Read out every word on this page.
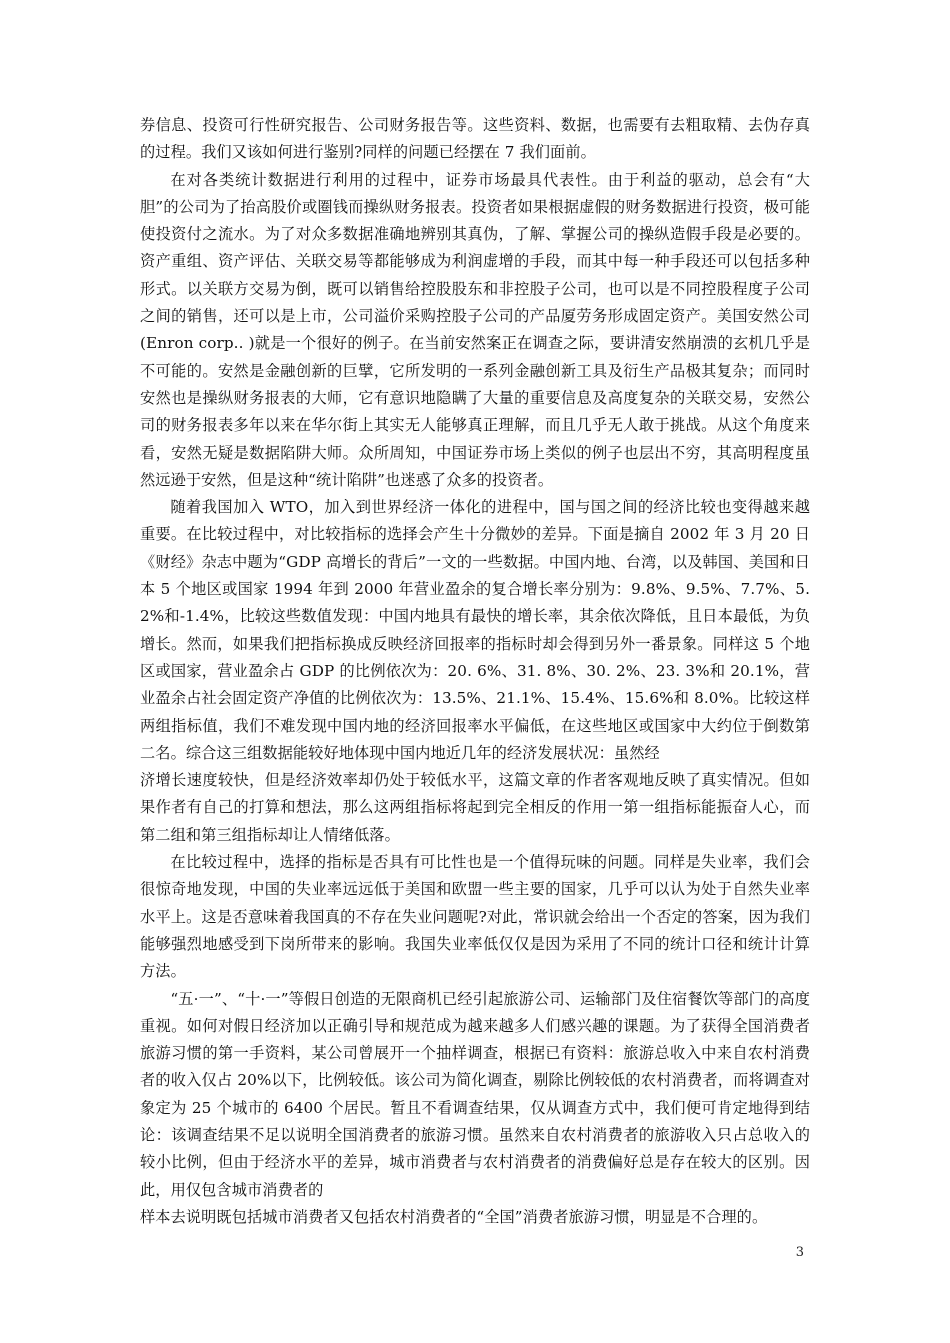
券信息、投资可行性研究报告、公司财务报告等。这些资料、数据，也需要有去粗取精、去伪存真的过程。我们又该如何进行鉴别?同样的问题已经摆在 7 我们面前。

在对各类统计数据进行利用的过程中，证券市场最具代表性。由于利益的驱动，总会有“大胆”的公司为了抬高股价或圈钱而操纵财务报表。投资者如果根据虚假的财务数据进行投资，极可能使投资付之流水。为了对众多数据准确地辨别其真伪，了解、掌握公司的操纵造假手段是必要的。资产重组、资产评估、关联交易等都能够成为利润虚增的手段，而其中每一种手段还可以包括多种形式。以关联方交易为倒，既可以销售给控股股东和非控股子公司，也可以是不同控股程度子公司之间的销售，还可以是上市，公司溢价采购控股子公司的产品厦劳务形成固定资产。美国安然公司(Enron corp.. )就是一个很好的例子。在当前安然案正在调查之际，要讲清安然崩溃的玄机几乎是不可能的。安然是金融创新的巨擘，它所发明的一系列金融创新工具及衍生产品极其复杂；而同时安然也是操纵财务报表的大师，它有意识地隐瞒了大量的重要信息及高度复杂的关联交易，安然公司的财务报表多年以来在华尔街上其实无人能够真正理解，而且几乎无人敢于挑战。从这个角度来看，安然无疑是数据陷阱大师。众所周知，中国证券市场上类似的例子也层出不穷，其高明程度虽然远逊于安然，但是这种“统计陷阱”也迷惑了众多的投资者。

随着我国加入 WTO，加入到世界经济一体化的进程中，国与国之间的经济比较也变得越来越重要。在比较过程中，对比较指标的选择会产生十分微妙的差异。下面是摘自 2002 年 3 月 20 日《财经》杂志中题为“GDP 高增长的背后”一文的一些数据。中国内地、台湾，以及韩国、美国和日本 5 个地区或国家 1994 年到 2000 年营业盈余的复合增长率分别为：9.8%、9.5%、7.7%、5.2%和-1.4%，比较这些数值发现：中国内地具有最快的增长率，其余依次降低，且日本最低，为负增长。然而，如果我们把指标换成反映经济回报率的指标时却会得到另外一番景象。同样这 5 个地区或国家，营业盈余占 GDP 的比例依次为：20. 6%、31. 8%、30. 2%、23. 3%和 20.1%，营业盈余占社会固定资产净值的比例依次为：13.5%、21.1%、15.4%、15.6%和 8.0%。比较这样两组指标值，我们不难发现中国内地的经济回报率水平偏低，在这些地区或国家中大约位于倒数第二名。综合这三组数据能较好地体现中国内地近几年的经济发展状况：虽然经

济增长速度较快，但是经济效率却仍处于较低水平，这篇文章的作者客观地反映了真实情况。但如果作者有自己的打算和想法，那么这两组指标将起到完全相反的作用一第一组指标能振奋人心，而第二组和第三组指标却让人情绪低落。

在比较过程中，选择的指标是否具有可比性也是一个值得玩味的问题。同样是失业率，我们会很惊奇地发现，中国的失业率远远低于美国和欧盟一些主要的国家，几乎可以认为处于自然失业率水平上。这是否意味着我国真的不存在失业问题呢?对此，常识就会给出一个否定的答案，因为我们能够强烈地感受到下岗所带来的影响。我国失业率低仅仅是因为采用了不同的统计口径和统计计算方法。

“五·一”、“十·一”等假日创造的无限商机已经引起旅游公司、运输部门及住宿餐饮等部门的高度重视。如何对假日经济加以正确引导和规范成为越来越多人们感兴趣的课题。为了获得全国消费者旅游习惯的第一手资料，某公司曾展开一个抽样调查，根据已有资料：旅游总收入中来自农村消费者的收入仅占 20%以下，比例较低。该公司为简化调查，剔除比例较低的农村消费者，而将调查对象定为 25 个城市的 6400 个居民。暂且不看调查结果，仅从调查方式中，我们便可肯定地得到结论：该调查结果不足以说明全国消费者的旅游习惯。虽然来自农村消费者的旅游收入只占总收入的较小比例，但由于经济水平的差异，城市消费者与农村消费者的消费偏好总是存在较大的区别。因此，用仅包含城市消费者的

样本去说明既包括城市消费者又包括农村消费者的“全国”消费者旅游习惯，明显是不合理的。

3
